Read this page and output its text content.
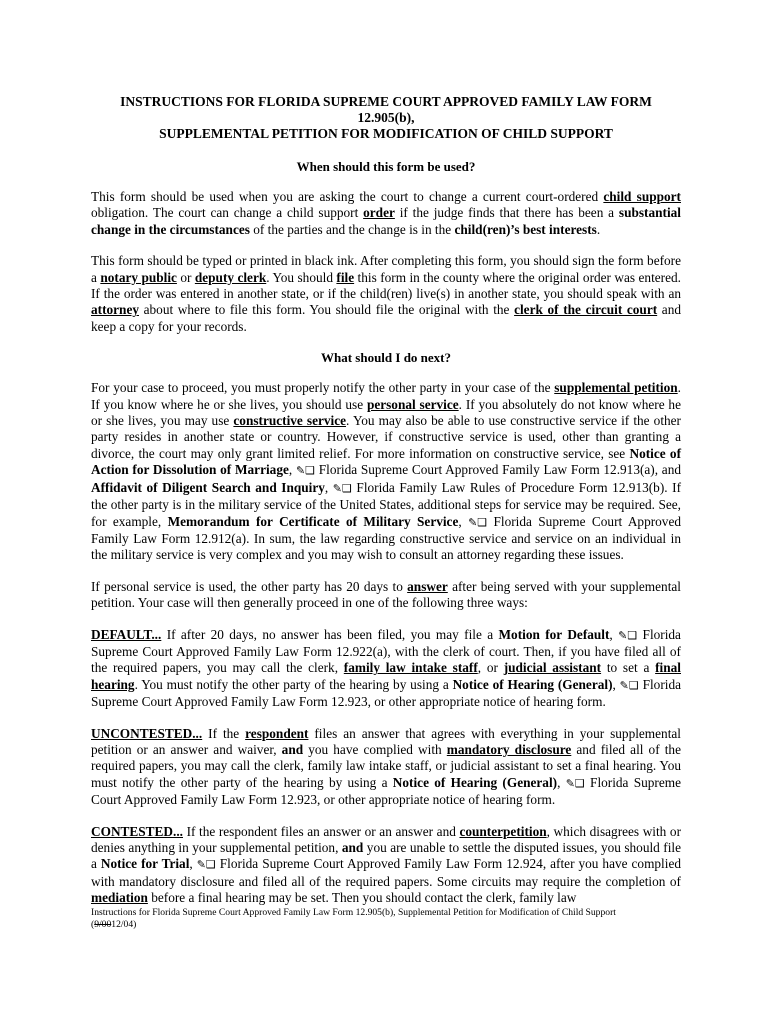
INSTRUCTIONS FOR FLORIDA SUPREME COURT APPROVED FAMILY LAW FORM 12.905(b),
SUPPLEMENTAL PETITION FOR MODIFICATION OF CHILD SUPPORT
When should this form be used?

This form should be used when you are asking the court to change a current court-ordered child support obligation. The court can change a child support order if the judge finds that there has been a substantial change in the circumstances of the parties and the change is in the child(ren)’s best interests.

This form should be typed or printed in black ink. After completing this form, you should sign the form before a notary public or deputy clerk. You should file this form in the county where the original order was entered. If the order was entered in another state, or if the child(ren) live(s) in another state, you should speak with an attorney about where to file this form. You should file the original with the clerk of the circuit court and keep a copy for your records.

What should I do next?

For your case to proceed, you must properly notify the other party in your case of the supplemental petition. If you know where he or she lives, you should use personal service. If you absolutely do not know where he or she lives, you may use constructive service. You may also be able to use constructive service if the other party resides in another state or country. However, if constructive service is used, other than granting a divorce, the court may only grant limited relief. For more information on constructive service, see Notice of Action for Dissolution of Marriage, ✎❑ Florida Supreme Court Approved Family Law Form 12.913(a), and Affidavit of Diligent Search and Inquiry, ✎❑ Florida Family Law Rules of Procedure Form 12.913(b). If the other party is in the military service of the United States, additional steps for service may be required. See, for example, Memorandum for Certificate of Military Service, ✎❑ Florida Supreme Court Approved Family Law Form 12.912(a). In sum, the law regarding constructive service and service on an individual in the military service is very complex and you may wish to consult an attorney regarding these issues.

If personal service is used, the other party has 20 days to answer after being served with your supplemental petition. Your case will then generally proceed in one of the following three ways:

DEFAULT... If after 20 days, no answer has been filed, you may file a Motion for Default, ✎❑ Florida Supreme Court Approved Family Law Form 12.922(a), with the clerk of court. Then, if you have filed all of the required papers, you may call the clerk, family law intake staff, or judicial assistant to set a final hearing. You must notify the other party of the hearing by using a Notice of Hearing (General), ✎❑ Florida Supreme Court Approved Family Law Form 12.923, or other appropriate notice of hearing form.

UNCONTESTED... If the respondent files an answer that agrees with everything in your supplemental petition or an answer and waiver, and you have complied with mandatory disclosure and filed all of the required papers, you may call the clerk, family law intake staff, or judicial assistant to set a final hearing. You must notify the other party of the hearing by using a Notice of Hearing (General), ✎❑ Florida Supreme Court Approved Family Law Form 12.923, or other appropriate notice of hearing form.

CONTESTED... If the respondent files an answer or an answer and counterpetition, which disagrees with or denies anything in your supplemental petition, and you are unable to settle the disputed issues, you should file a Notice for Trial, ✎❑ Florida Supreme Court Approved Family Law Form 12.924, after you have complied with mandatory disclosure and filed all of the required papers. Some circuits may require the completion of mediation before a final hearing may be set. Then you should contact the clerk, family law

Instructions for Florida Supreme Court Approved Family Law Form 12.905(b), Supplemental Petition for Modification of Child Support
(9/0012/04)
